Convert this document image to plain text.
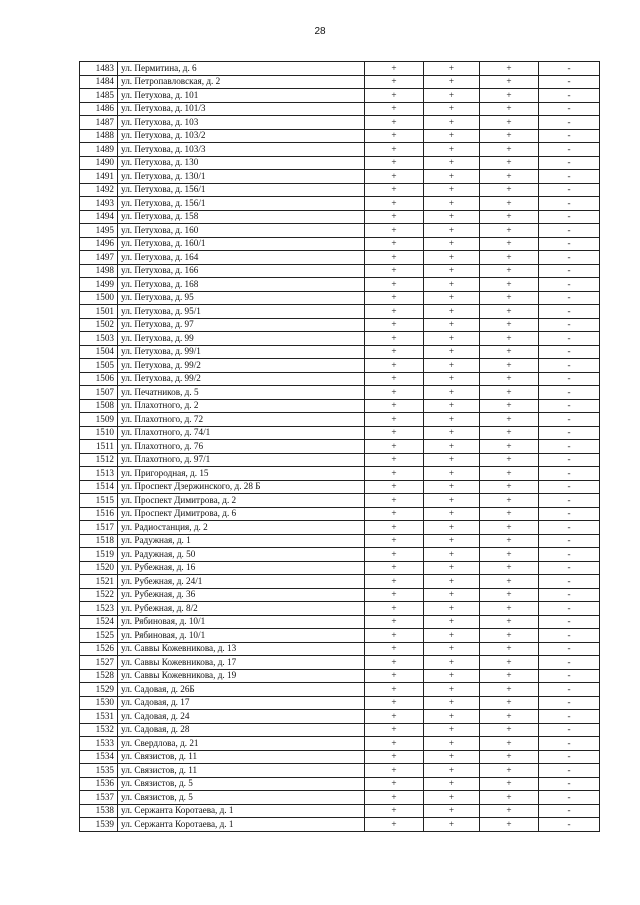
28
1483	ул. Пермитина, д. 6	+	+	+	-
1484	ул. Петропавловская, д. 2	+	+	+	-
1485	ул. Петухова, д. 101	+	+	+	-
1486	ул. Петухова, д. 101/3	+	+	+	-
1487	ул. Петухова, д. 103	+	+	+	-
1488	ул. Петухова, д. 103/2	+	+	+	-
1489	ул. Петухова, д. 103/3	+	+	+	-
1490	ул. Петухова, д. 130	+	+	+	-
1491	ул. Петухова, д. 130/1	+	+	+	-
1492	ул. Петухова, д. 156/1	+	+	+	-
1493	ул. Петухова, д. 156/1	+	+	+	-
1494	ул. Петухова, д. 158	+	+	+	-
1495	ул. Петухова, д. 160	+	+	+	-
1496	ул. Петухова, д. 160/1	+	+	+	-
1497	ул. Петухова, д. 164	+	+	+	-
1498	ул. Петухова, д. 166	+	+	+	-
1499	ул. Петухова, д. 168	+	+	+	-
1500	ул. Петухова, д. 95	+	+	+	-
1501	ул. Петухова, д. 95/1	+	+	+	-
1502	ул. Петухова, д. 97	+	+	+	-
1503	ул. Петухова, д. 99	+	+	+	-
1504	ул. Петухова, д. 99/1	+	+	+	-
1505	ул. Петухова, д. 99/2	+	+	+	-
1506	ул. Петухова, д. 99/2	+	+	+	-
1507	ул. Печатников, д. 5	+	+	+	-
1508	ул. Плахотного, д. 2	+	+	+	-
1509	ул. Плахотного, д. 72	+	+	+	-
1510	ул. Плахотного, д. 74/1	+	+	+	-
1511	ул. Плахотного, д. 76	+	+	+	-
1512	ул. Плахотного, д. 97/1	+	+	+	-
1513	ул. Пригородная, д. 15	+	+	+	-
1514	ул. Проспект Дзержинского, д. 28 Б	+	+	+	-
1515	ул. Проспект Димитрова, д. 2	+	+	+	-
1516	ул. Проспект Димитрова, д. 6	+	+	+	-
1517	ул. Радиостанция, д. 2	+	+	+	-
1518	ул. Радужная, д. 1	+	+	+	-
1519	ул. Радужная, д. 50	+	+	+	-
1520	ул. Рубежная, д. 16	+	+	+	-
1521	ул. Рубежная, д. 24/1	+	+	+	-
1522	ул. Рубежная, д. 36	+	+	+	-
1523	ул. Рубежная, д. 8/2	+	+	+	-
1524	ул. Рябиновая, д. 10/1	+	+	+	-
1525	ул. Рябиновая, д. 10/1	+	+	+	-
1526	ул. Саввы Кожевникова, д. 13	+	+	+	-
1527	ул. Саввы Кожевникова, д. 17	+	+	+	-
1528	ул. Саввы Кожевникова, д. 19	+	+	+	-
1529	ул. Садовая, д. 26Б	+	+	+	-
1530	ул. Садовая, д. 17	+	+	+	-
1531	ул. Садовая, д. 24	+	+	+	-
1532	ул. Садовая, д. 28	+	+	+	-
1533	ул. Свердлова, д. 21	+	+	+	-
1534	ул. Связистов, д. 11	+	+	+	-
1535	ул. Связистов, д. 11	+	+	+	-
1536	ул. Связистов, д. 5	+	+	+	-
1537	ул. Связистов, д. 5	+	+	+	-
1538	ул. Сержанта Коротаева, д. 1	+	+	+	-
1539	ул. Сержанта Коротаева, д. 1	+	+	+	-
